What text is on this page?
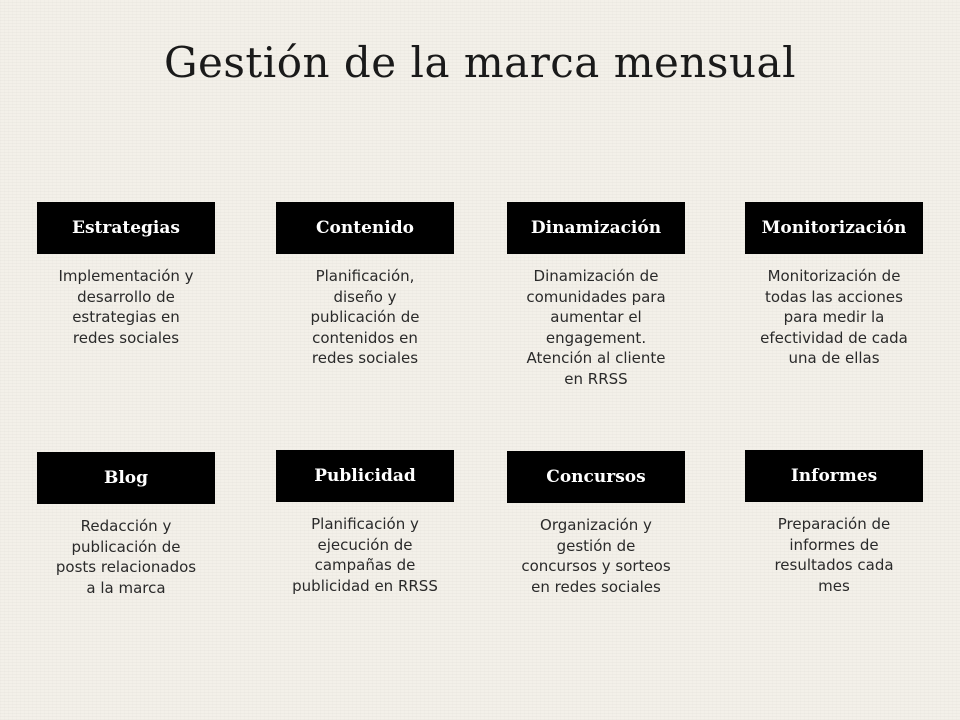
Gestión de la marca mensual
Estrategias
Implementación y desarrollo de estrategias en redes sociales
Contenido
Planificación, diseño y publicación de contenidos en redes sociales
Dinamización
Dinamización de comunidades para aumentar el engagement. Atención al cliente en RRSS
Monitorización
Monitorización de todas las acciones para medir la efectividad de cada una de ellas
Blog
Redacción y publicación de posts relacionados a la marca
Publicidad
Planificación y ejecución de campañas de publicidad en RRSS
Concursos
Organización y gestión de concursos y sorteos en redes sociales
Informes
Preparación de informes de resultados cada mes
